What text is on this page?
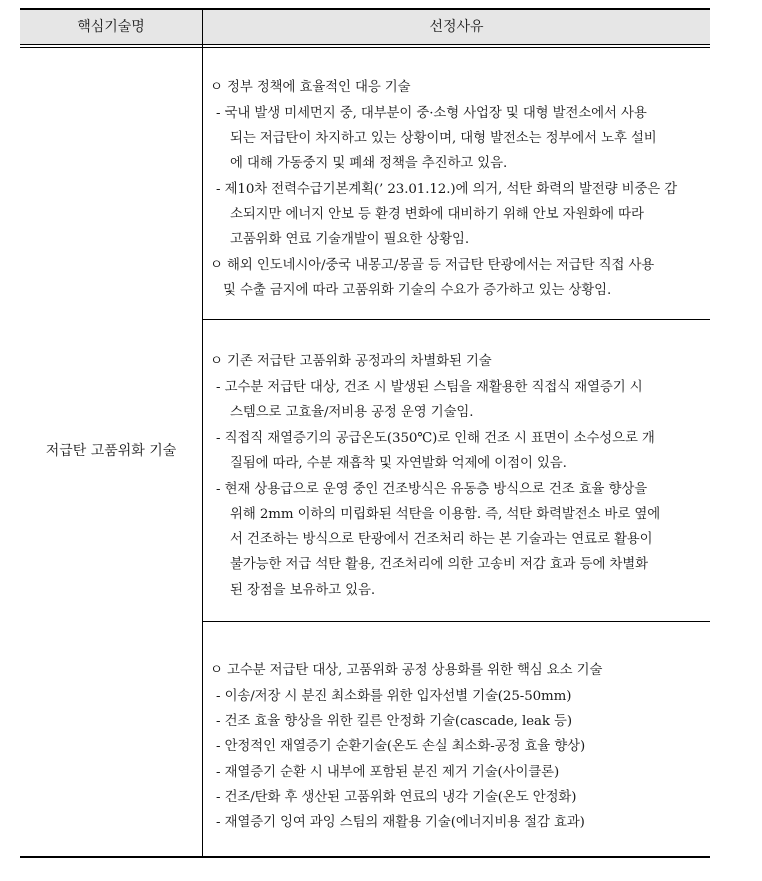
핵심기술명	선정사유
저급탄 고품위화 기술
ㅇ 정부 정책에 효율적인 대응 기술
- 국내 발생 미세먼지 중, 대부분이 중·소형 사업장 및 대형 발전소에서 사용
되는 저급탄이 차지하고 있는 상황이며, 대형 발전소는 정부에서 노후 설비
에 대해 가동중지 및 폐쇄 정책을 추진하고 있음.
- 제10차 전력수급기본계획(’ 23.01.12.)에 의거, 석탄 화력의 발전량 비중은 감
소되지만 에너지 안보 등 환경 변화에 대비하기 위해 안보 자원화에 따라
고품위화 연료 기술개발이 필요한 상황임.
ㅇ 해외 인도네시아/중국 내몽고/몽골 등 저급탄 탄광에서는 저급탄 직접 사용
및 수출 금지에 따라 고품위화 기술의 수요가 증가하고 있는 상황임.
ㅇ 기존 저급탄 고품위화 공정과의 차별화된 기술
- 고수분 저급탄 대상, 건조 시 발생된 스팀을 재활용한 직접식 재열증기 시
스템으로 고효율/저비용 공정 운영 기술임.
- 직접직 재열증기의 공급온도(350℃)로 인해 건조 시 표면이 소수성으로 개
질됨에 따라, 수분 재흡착 및 자연발화 억제에 이점이 있음.
- 현재 상용급으로 운영 중인 건조방식은 유동층 방식으로 건조 효율 향상을
위해 2mm 이하의 미립화된 석탄을 이용함. 즉, 석탄 화력발전소 바로 옆에
서 건조하는 방식으로 탄광에서 건조처리 하는 본 기술과는 연료로 활용이
불가능한 저급 석탄 활용, 건조처리에 의한 고송비 저감 효과 등에 차별화
된 장점을 보유하고 있음.
ㅇ 고수분 저급탄 대상, 고품위화 공정 상용화를 위한 핵심 요소 기술
- 이송/저장 시 분진 최소화를 위한 입자선별 기술(25-50mm)
- 건조 효율 향상을 위한 킬른 안정화 기술(cascade, leak 등)
- 안정적인 재열증기 순환기술(온도 손실 최소화-공정 효율 향상)
- 재열증기 순환 시 내부에 포함된 분진 제거 기술(사이클론)
- 건조/탄화 후 생산된 고품위화 연료의 냉각 기술(온도 안정화)
- 재열증기 잉여 과잉 스팀의 재활용 기술(에너지비용 절감 효과)
